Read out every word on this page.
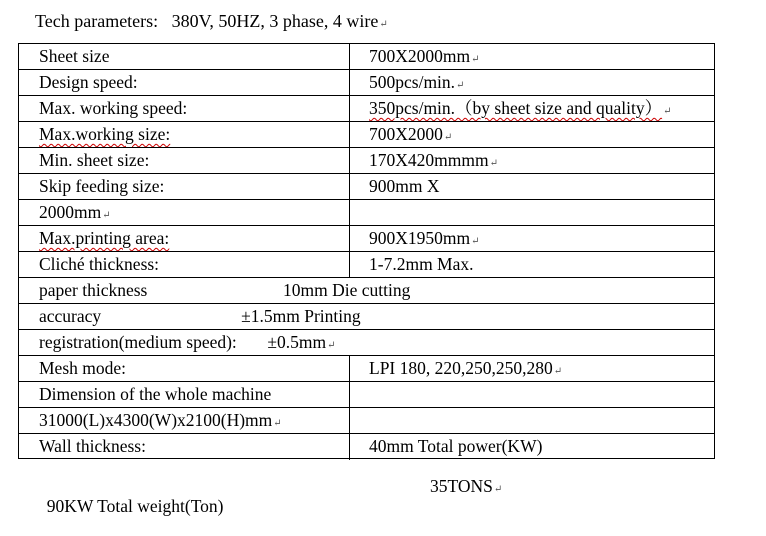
Tech parameters:   380V, 50HZ, 3 phase, 4 wire↵
Sheet size	700X2000mm↵
Design speed:	500pcs/min.↵
Max. working speed:	350pcs/min.（by sheet size and quality）↵
Max.working size:	700X2000↵
Min. sheet size:	170X420mmmm↵
Skip feeding size:	900mm X
2000mm↵
Max.printing area:	900X1950mm↵
Cliché thickness:	1-7.2mm Max.
paper thickness                               10mm Die cutting
accuracy                                ±1.5mm Printing
registration(medium speed):       ±0.5mm↵
Mesh mode:	LPI 180, 220,250,250,280↵
Dimension of the whole machine
31000(L)x4300(W)x2100(H)mm↵
Wall thickness:	40mm Total power(KW)

90KW Total weight(Ton)

35TONS↵
